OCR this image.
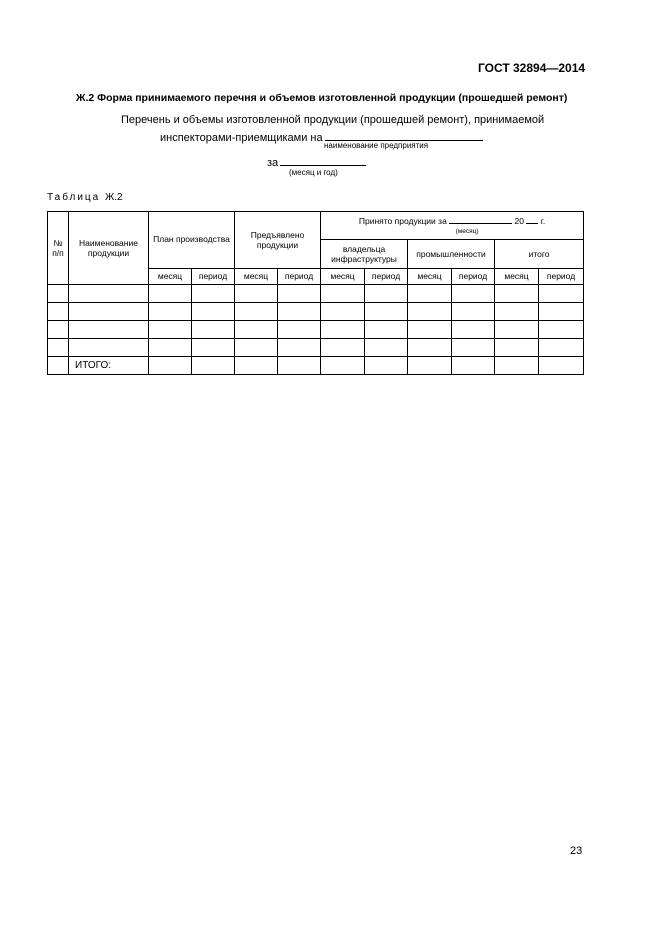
ГОСТ 32894—2014
Ж.2 Форма принимаемого перечня и объемов изготовленной продукции (прошедшей ремонт)
Перечень и объемы изготовленной продукции (прошедшей ремонт), принимаемой
инспекторами-приемщиками на
наименование предприятия
за
(месяц и год)
Таблица Ж.2
№ п/п	Наименование продукции	План производства		Предъявлено продукции		Принято продукции за 20 г.
(месяц)					

						владельца инфраструктуры		промышленности		итого	
		месяц	период	месяц	период	месяц	период	месяц	период	месяц	период

	ИТОГО:										
23
